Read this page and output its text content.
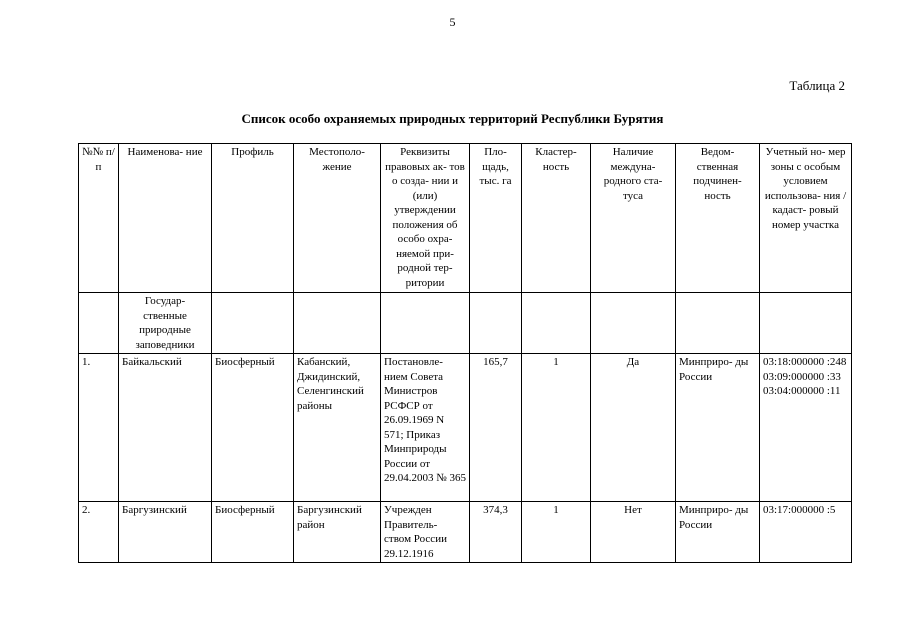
5
Таблица 2
Список особо охраняемых природных территорий Республики Бурятия
№№ п/п	Наименова- ние	Профиль	Местополо- жение	Реквизиты правовых ак- тов о созда- нии и (или) утверждении положения об особо охра- няемой при- родной тер- ритории	Пло- щадь, тыс. га	Кластер- ность	Наличие междуна- родного ста- туса	Ведом- ственная подчинен- ность	Учетный но- мер зоны с особым условием использова- ния / кадаст- ровый номер участка
	Государ- ственные природные заповедники								
1.	Байкальский	Биосферный	Кабанский, Джидинский, Селенгинский районы	Постановле- нием Совета Министров РСФСР от 26.09.1969 N 571; Приказ Минприроды России от 29.04.2003 № 365	165,7	1	Да	Минприро- ды России	03:18:000000 :248 03:09:000000 :33 03:04:000000 :11
2.	Баргузинский	Биосферный	Баргузинский район	Учрежден Правитель- ством России 29.12.1916	374,3	1	Нет	Минприро- ды России	03:17:000000 :5
